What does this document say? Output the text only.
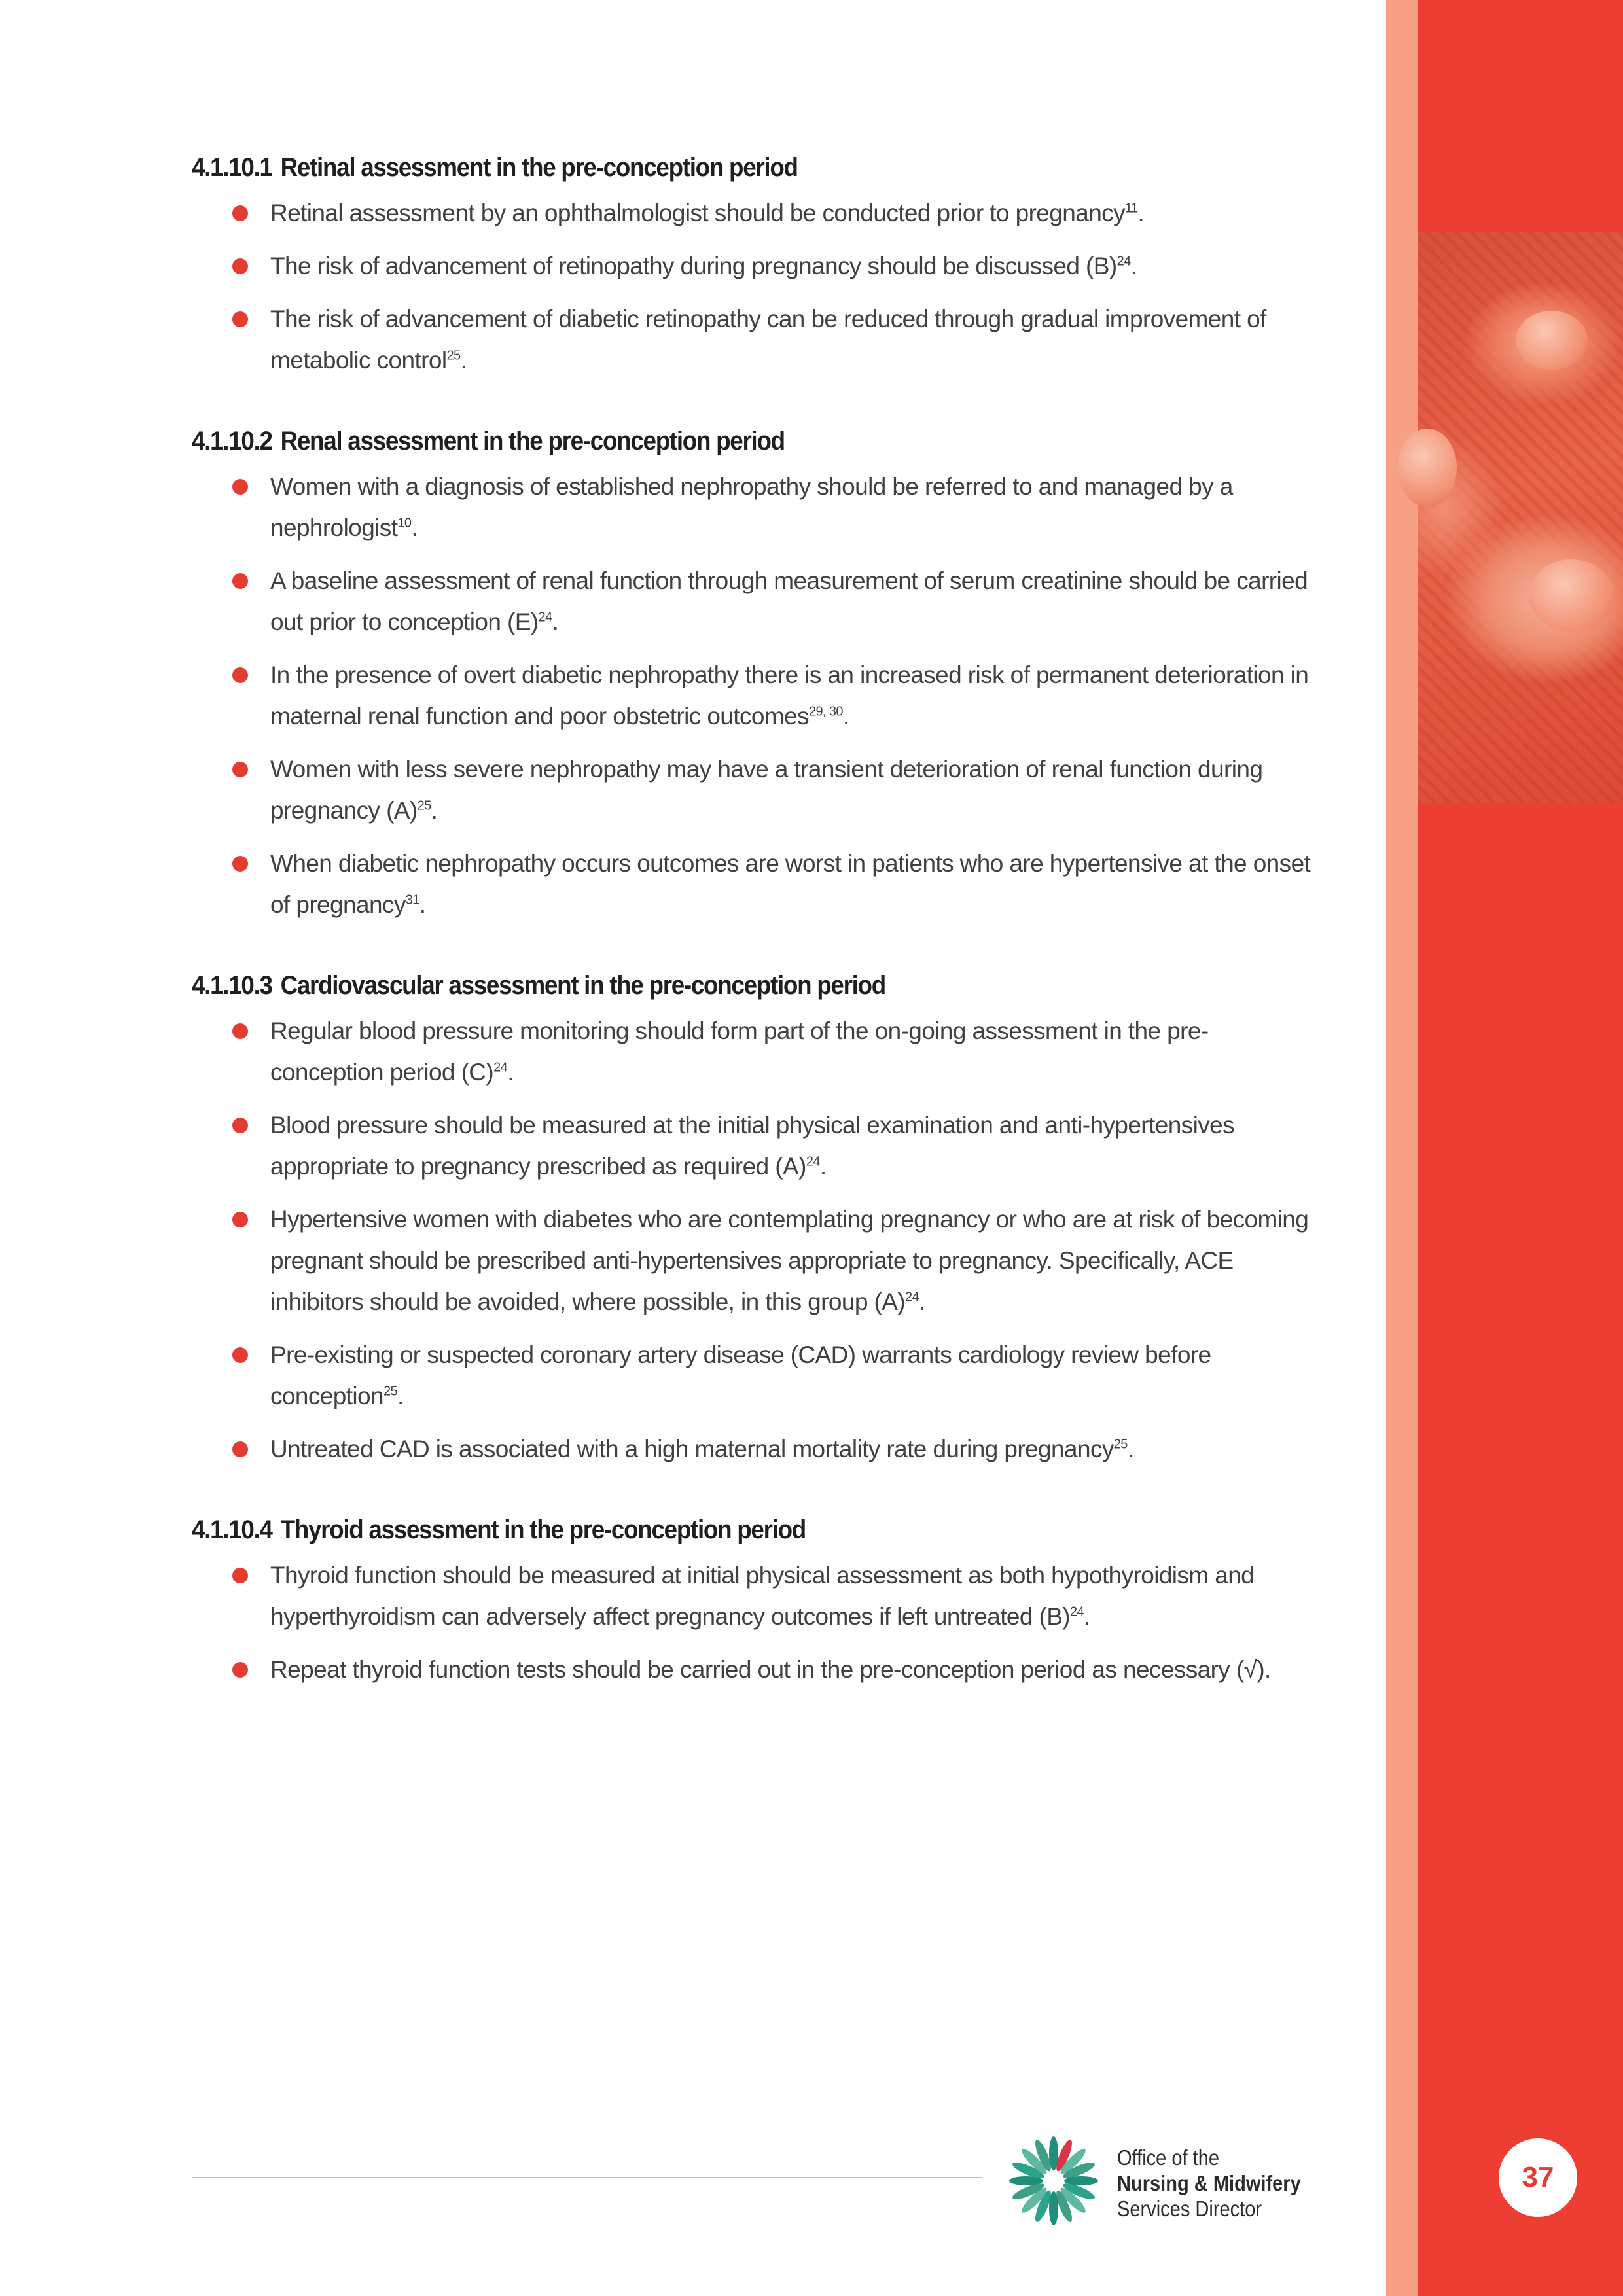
4.1.10.1 Retinal assessment in the pre-conception period
Retinal assessment by an ophthalmologist should be conducted prior to pregnancy$^{11}$.
The risk of advancement of retinopathy during pregnancy should be discussed $(B)^{24}$.
The risk of advancement of diabetic retinopathy can be reduced through gradual improvement of metabolic control$^{25}$.
4.1.10.2 Renal assessment in the pre-conception period
Women with a diagnosis of established nephropathy should be referred to and managed by a nephrologist$^{10}$.
A baseline assessment of renal function through measurement of serum creatinine should be carried out prior to conception $(E)^{24}$.
In the presence of overt diabetic nephropathy there is an increased risk of permanent deterioration in maternal renal function and poor obstetric outcomes$^{29, 30}$.
Women with less severe nephropathy may have a transient deterioration of renal function during pregnancy $(A)^{25}$.
When diabetic nephropathy occurs outcomes are worst in patients who are hypertensive at the onset of pregnancy$^{31}$.
4.1.10.3 Cardiovascular assessment in the pre-conception period
Regular blood pressure monitoring should form part of the on-going assessment in the pre-conception period $(C)^{24}$.
Blood pressure should be measured at the initial physical examination and anti-hypertensives appropriate to pregnancy prescribed as required $(A)^{24}$.
Hypertensive women with diabetes who are contemplating pregnancy or who are at risk of becoming pregnant should be prescribed anti-hypertensives appropriate to pregnancy. Specifically, ACE inhibitors should be avoided, where possible, in this group $(A)^{24}$.
Pre-existing or suspected coronary artery disease (CAD) warrants cardiology review before conception$^{25}$.
Untreated CAD is associated with a high maternal mortality rate during pregnancy$^{25}$.
4.1.10.4 Thyroid assessment in the pre-conception period
Thyroid function should be measured at initial physical assessment as both hypothyroidism and hyperthyroidism can adversely affect pregnancy outcomes if left untreated $(B)^{24}$.
Repeat thyroid function tests should be carried out in the pre-conception period as necessary (√).
Office of the
Nursing & Midwifery
Services Director
37
